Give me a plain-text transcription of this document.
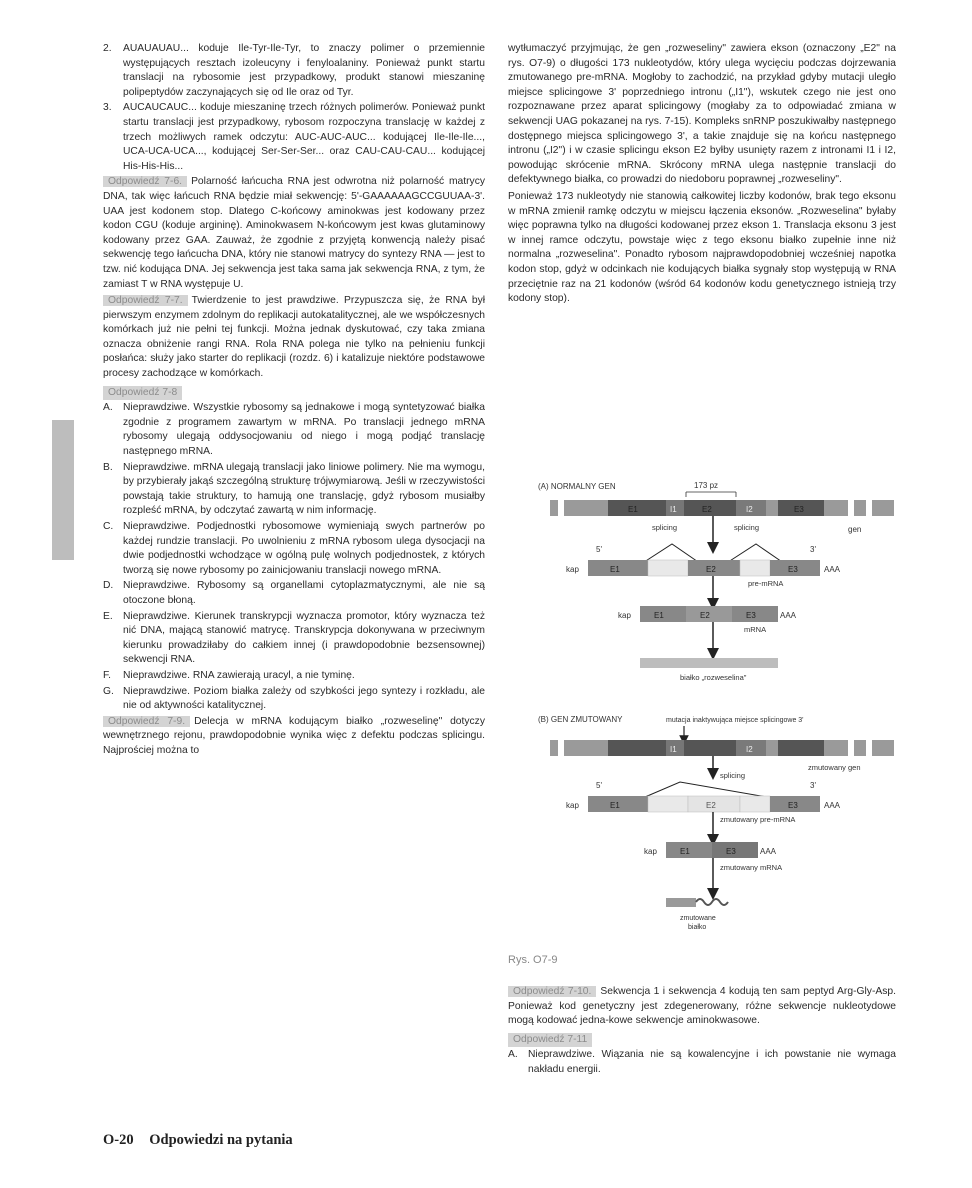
2.	AUAUAUAU... koduje Ile-Tyr-Ile-Tyr, to znaczy polimer o przemiennie występujących resztach izoleucyny i fenyloalaniny. Ponieważ punkt startu translacji na rybosomie jest przypadkowy, produkt stanowi mieszaninę polipeptydów zaczynających się od Ile oraz od Tyr.
3.	AUCAUCAUC... koduje mieszaninę trzech różnych polimerów. Ponieważ punkt startu translacji jest przypadkowy, rybosom rozpoczyna translację w każdej z trzech możliwych ramek odczytu: AUC-AUC-AUC... kodującej Ile-Ile-Ile..., UCA-UCA-UCA..., kodującej Ser-Ser-Ser... oraz CAU-CAU-CAU... kodującej His-His-His...

Odpowiedź 7-6. Polarność łańcucha RNA jest odwrotna niż polarność matrycy DNA, tak więc łańcuch RNA będzie miał sekwencję: 5'-GAAAAAAGCCGUUAA-3'. UAA jest kodonem stop. Dlatego C-końcowy aminokwas jest kodowany przez kodon CGU (koduje argininę). Aminokwasem N-końcowym jest kwas glutaminowy kodowany przez GAA. Zauważ, że zgodnie z przyjętą konwencją należy pisać sekwencję tego łańcucha DNA, który nie stanowi matrycy do syntezy RNA — jest to tzw. nić kodująca DNA. Jej sekwencja jest taka sama jak sekwencja RNA, z tym, że zamiast T w RNA występuje U.

Odpowiedź 7-7. Twierdzenie to jest prawdziwe. Przypuszcza się, że RNA był pierwszym enzymem zdolnym do replikacji autokatalitycznej, ale we współczesnych komórkach już nie pełni tej funkcji. Można jednak dyskutować, czy taka zmiana oznacza obniżenie rangi RNA. Rola RNA polega nie tylko na pełnieniu funkcji posłańca: służy jako starter do replikacji (rozdz. 6) i katalizuje niektóre podstawowe procesy zachodzące w komórkach.

Odpowiedź 7-8
A. Nieprawdziwe. Wszystkie rybosomy są jednakowe i mogą syntetyzować białka zgodnie z programem zawartym w mRNA. Po translacji jednego mRNA rybosomy ulegają oddysocjowaniu od niego i mogą podjąć translację następnego mRNA.
B. Nieprawdziwe. mRNA ulegają translacji jako liniowe polimery. Nie ma wymogu, by przybierały jakąś szczególną strukturę trójwymiarową. Jeśli w rzeczywistości powstają takie struktury, to hamują one translację, gdyż rybosom musiałby rozpleść mRNA, by odczytać zawartą w nim informację.
C. Nieprawdziwe. Podjednostki rybosomowe wymieniają swych partnerów po każdej rundzie translacji. Po uwolnieniu z mRNA rybosom ulega dysocjacji na dwie podjednostki wchodzące w ogólną pulę wolnych podjednostek, z których tworzą się nowe rybosomy po zainicjowaniu translacji nowego mRNA.
D. Nieprawdziwe. Rybosomy są organellami cytoplazmatycznymi, ale nie są otoczone błoną.
E. Nieprawdziwe. Kierunek transkrypcji wyznacza promotor, który wyznacza też nić DNA, mającą stanowić matrycę. Transkrypcja dokonywana w przeciwnym kierunku prowadziłaby do całkiem innej (i prawdopodobnie bezsensownej) sekwencji RNA.
F.	Nieprawdziwe. RNA zawierają uracyl, a nie tyminę.
G. Nieprawdziwe. Poziom białka zależy od szybkości jego syntezy i rozkładu, ale nie od aktywności katalitycznej.

Odpowiedź 7-9. Delecja w mRNA kodującym białko „rozweselinę" dotyczy wewnętrznego rejonu, prawdopodobnie wynika więc z defektu podczas splicingu. Najprościej można to

wytłumaczyć przyjmując, że gen „rozweseliny" zawiera ekson (oznaczony „E2" na rys. O7-9) o długości 173 nukleotydów, który ulega wycięciu podczas dojrzewania zmutowanego pre-mRNA. Mogłoby to zachodzić, na przykład gdyby mutacji uległo miejsce splicingowe 3' poprzedniego intronu („I1"), wskutek czego nie jest ono rozpoznawane przez aparat splicingowy (mogłaby za to odpowiadać zmiana w sekwencji UAG pokazanej na rys. 7-15). Kompleks snRNP poszukiwałby następnego dostępnego miejsca splicingowego 3', a takie znajduje się na końcu następnego intronu („I2") i w czasie splicingu ekson E2 byłby usunięty razem z intronami I1 i I2, powodując skrócenie mRNA. Skrócony mRNA ulega następnie translacji do defektywnego białka, co prowadzi do niedoboru poprawnej „rozweseliny".

Ponieważ 173 nukleotydy nie stanowią całkowitej liczby kodonów, brak tego eksonu w mRNA zmienił ramkę odczytu w miejscu łączenia eksonów. „Rozweselina" byłaby więc poprawna tylko na długości kodowanej przez ekson 1. Translacja eksonu 3 jest w innej ramce odczytu, powstaje więc z tego eksonu białko zupełnie inne niż normalna „rozweselina". Ponadto rybosom najprawdopodobniej wcześniej napotka kodon stop, gdyż w odcinkach nie kodujących białka sygnały stop występują w RNA przeciętnie raz na 21 kodonów (wśród 64 kodonów kodu genetycznego istnieją trzy kodony stop).

(A) NORMALNY GEN	173 pz
E1	I1	E2	I2	E3
gen
splicing	splicing
5'	3'
kap	E1	E2	E3	AAA
pre-mRNA
kap	E1	E2	E3	AAA
mRNA
białko „rozweselina"
(B) GEN ZMUTOWANY	mutacja inaktywująca miejsce splicingowe 3'
I1	I2
zmutowany gen
splicing
5'	3'
kap	E1	E2	E3	AAA
zmutowany pre-mRNA
kap	E1	E3	AAA
zmutowany mRNA
zmutowane
białko
Rys. O7-9

Odpowiedź 7-10. Sekwencja 1 i sekwencja 4 kodują ten sam peptyd Arg-Gly-Asp. Ponieważ kod genetyczny jest zdegenerowany, różne sekwencje nukleotydowe mogą kodować jedna-kowe sekwencje aminokwasowe.

Odpowiedź 7-11
A. Nieprawdziwe. Wiązania nie są kowalencyjne i ich powstanie nie wymaga nakładu energii.
O-20 Odpowiedzi na pytania
